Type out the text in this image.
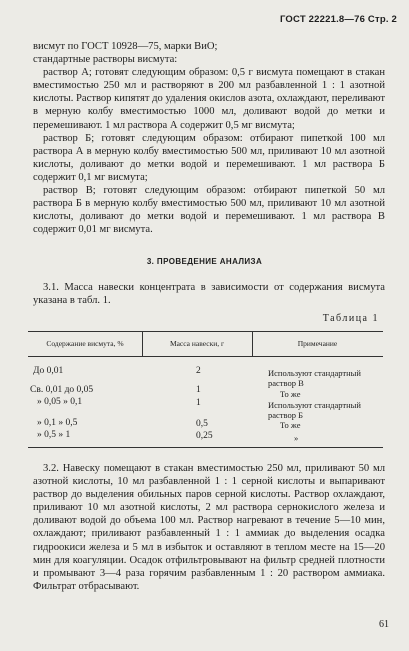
ГОСТ 22221.8—76 Стр. 2

висмут по ГОСТ 10928—75, марки ВиО;

стандартные растворы висмута:

раствор А; готовят следующим образом: 0,5 г висмута помещают в стакан вместимостью 250 мл и растворяют в 200 мл разбавленной 1 : 1 азотной кислоты. Раствор кипятят до удаления окислов азота, охлаждают, переливают в мерную колбу вместимостью 1000 мл, доливают водой до метки и перемешивают. 1 мл раствора А содержит 0,5 мг висмута;

раствор Б; готовят следующим образом: отбирают пипеткой 100 мл раствора А в мерную колбу вместимостью 500 мл, приливают 10 мл азотной кислоты, доливают до метки водой и перемешивают. 1 мл раствора Б содержит 0,1 мг висмута;

раствор В; готовят следующим образом: отбирают пипеткой 50 мл раствора Б в мерную колбу вместимостью 500 мл, приливают 10 мл азотной кислоты, доливают до метки водой и перемешивают. 1 мл раствора В содержит 0,01 мг висмута.

3. ПРОВЕДЕНИЕ АНАЛИЗА
3.1. Масса навески концентрата в зависимости от содержания висмута указана в табл. 1.
Таблица 1
Содержание висмута, %	Масса навески, г	Примечание
До 0,01	2	Используют стандартный раствор В
Св. 0,01 до 0,05	1	То же
» 0,05 » 0,1	1	Используют стандартный раствор Б
» 0,1 » 0,5	0,5	То же
» 0,5 » 1	0,25	»
3.2. Навеску помещают в стакан вместимостью 250 мл, приливают 50 мл азотной кислоты, 10 мл разбавленной 1 : 1 серной кислоты и выпаривают раствор до выделения обильных паров серной кислоты. Раствор охлаждают, приливают 10 мл азотной кислоты, 2 мл раствора сернокислого железа и доливают водой до объема 100 мл. Раствор нагревают в течение 5—10 мин, охлаждают; приливают разбавленный 1 : 1 аммиак до выделения осадка гидроокиси железа и 5 мл в избыток и оставляют в теплом месте на 15—20 мин для коагуляции. Осадок отфильтровывают на фильтр средней плотности и промывают 3—4 раза горячим разбавленным 1 : 20 раствором аммиака. Фильтрат отбрасывают.
61
